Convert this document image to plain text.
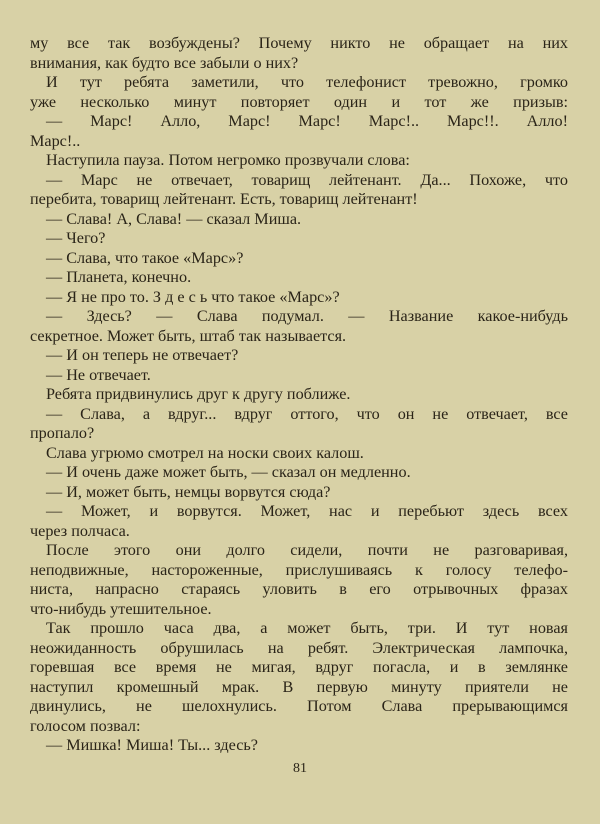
му все так возбуждены? Почему никто не обращает на них
внимания, как будто все забыли о них?
И тут ребята заметили, что телефонист тревожно, громко
уже несколько минут повторяет один и тот же призыв:
— Марс! Алло, Марс! Марс! Марс!.. Марс!!. Алло!
Марс!..
Наступила пауза. Потом негромко прозвучали слова:
— Марс не отвечает, товарищ лейтенант. Да... Похоже, что
перебита, товарищ лейтенант. Есть, товарищ лейтенант!
— Слава! А, Слава! — сказал Миша.
— Чего?
— Слава, что такое «Марс»?
— Планета, конечно.
— Я не про то. З д е с ь что такое «Марс»?
— Здесь? — Слава подумал. — Название какое-нибудь
секретное. Может быть, штаб так называется.
— И он теперь не отвечает?
— Не отвечает.
Ребята придвинулись друг к другу поближе.
— Слава, а вдруг... вдруг оттого, что он не отвечает, все
пропало?
Слава угрюмо смотрел на носки своих калош.
— И очень даже может быть, — сказал он медленно.
— И, может быть, немцы ворвутся сюда?
— Может, и ворвутся. Может, нас и перебьют здесь всех
через полчаса.
После этого они долго сидели, почти не разговаривая,
неподвижные, настороженные, прислушиваясь к голосу телефо-
ниста, напрасно стараясь уловить в его отрывочных фразах
что-нибудь утешительное.
Так прошло часа два, а может быть, три. И тут новая
неожиданность обрушилась на ребят. Электрическая лампочка,
горевшая все время не мигая, вдруг погасла, и в землянке
наступил кромешный мрак. В первую минуту приятели не
двинулись, не шелохнулись. Потом Слава прерывающимся
голосом позвал:
— Мишка! Миша! Ты... здесь?
81
